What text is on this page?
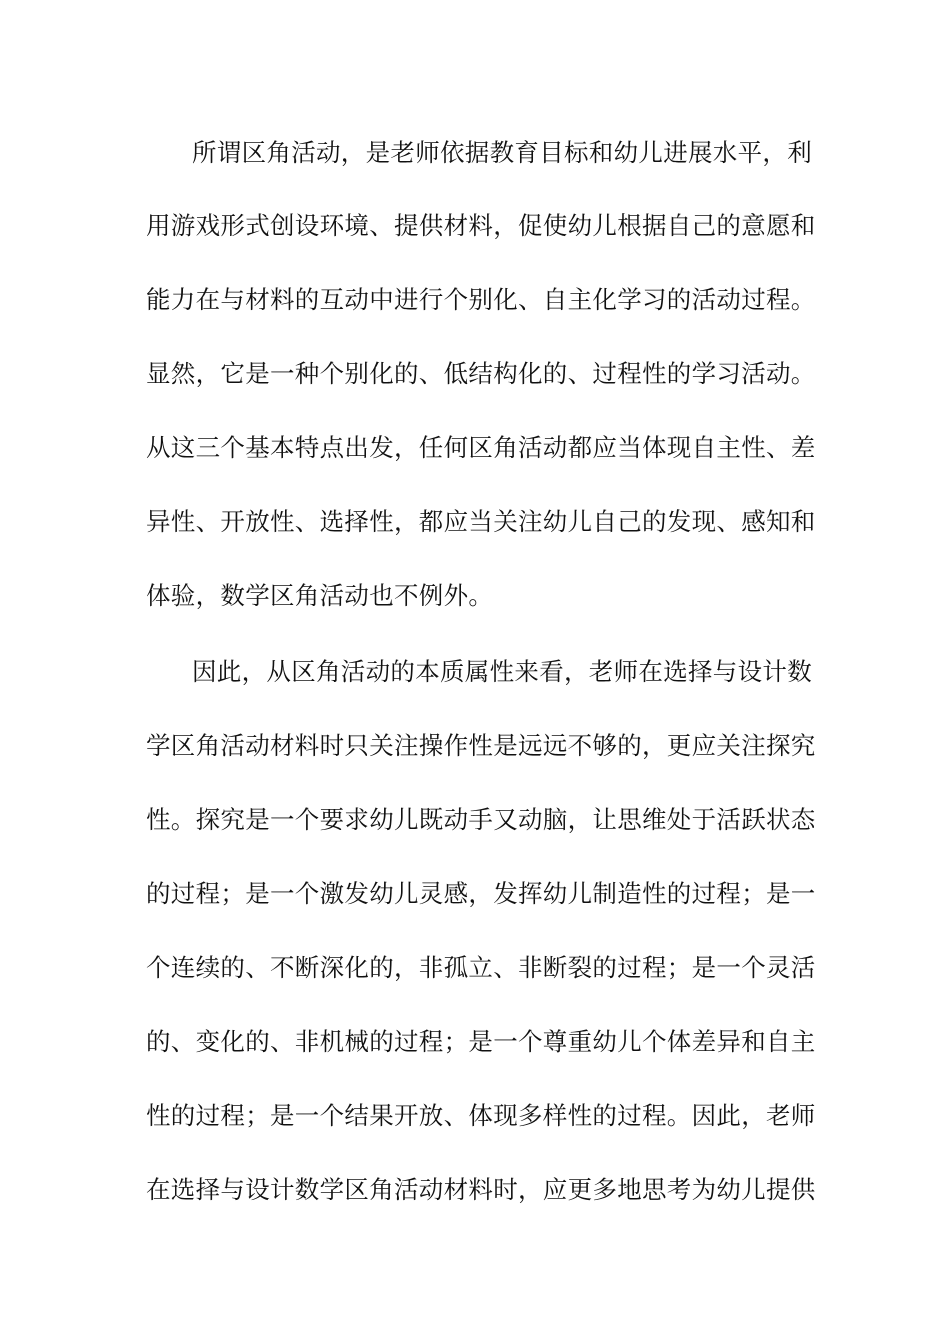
所谓区角活动，是老师依据教育目标和幼儿进展水平，利
用游戏形式创设环境、提供材料，促使幼儿根据自己的意愿和
能力在与材料的互动中进行个别化、自主化学习的活动过程。
显然，它是一种个别化的、低结构化的、过程性的学习活动。
从这三个基本特点出发，任何区角活动都应当体现自主性、差
异性、开放性、选择性，都应当关注幼儿自己的发现、感知和
体验，数学区角活动也不例外。
因此，从区角活动的本质属性来看，老师在选择与设计数
学区角活动材料时只关注操作性是远远不够的，更应关注探究
性。探究是一个要求幼儿既动手又动脑，让思维处于活跃状态
的过程；是一个激发幼儿灵感，发挥幼儿制造性的过程；是一
个连续的、不断深化的，非孤立、非断裂的过程；是一个灵活
的、变化的、非机械的过程；是一个尊重幼儿个体差异和自主
性的过程；是一个结果开放、体现多样性的过程。因此，老师
在选择与设计数学区角活动材料时，应更多地思考为幼儿提供
